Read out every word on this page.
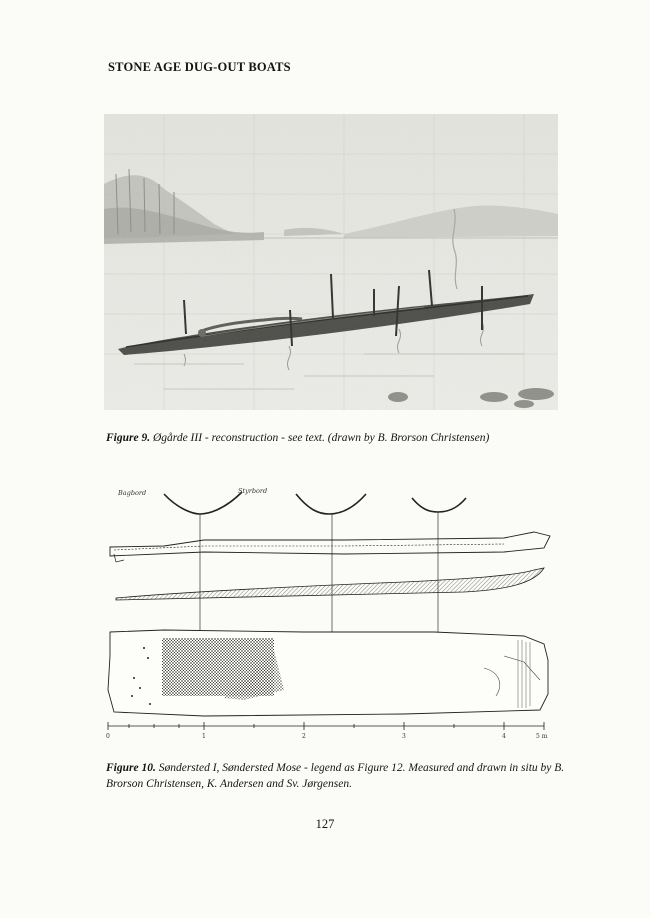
STONE AGE DUG-OUT BOATS
Figure 9. Øgårde III - reconstruction - see text. (drawn by B. Brorson Christensen)
Bagbord	Styrbord
0	1	2	3	4	5 m
Figure 10. Søndersted I, Søndersted Mose - legend as Figure 12. Measured and drawn in situ by B. Brorson Christensen, K. Andersen and Sv. Jørgensen.
127
